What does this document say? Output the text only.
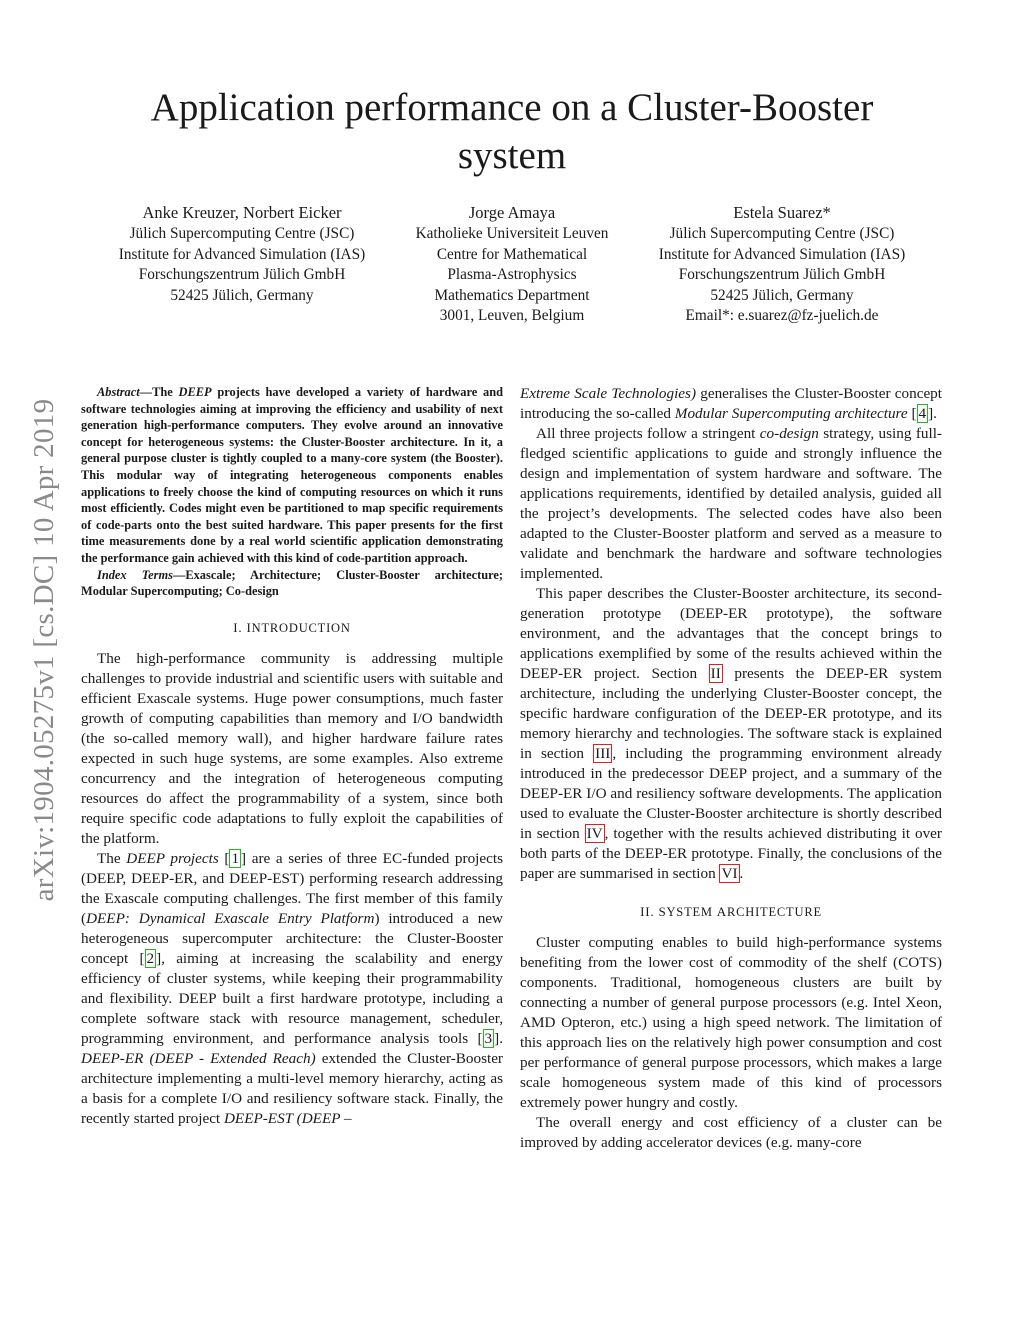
Application performance on a Cluster-Booster system
Anke Kreuzer, Norbert Eicker
Jülich Supercomputing Centre (JSC)
Institute for Advanced Simulation (IAS)
Forschungszentrum Jülich GmbH
52425 Jülich, Germany
Jorge Amaya
Katholieke Universiteit Leuven
Centre for Mathematical
Plasma-Astrophysics
Mathematics Department
3001, Leuven, Belgium
Estela Suarez*
Jülich Supercomputing Centre (JSC)
Institute for Advanced Simulation (IAS)
Forschungszentrum Jülich GmbH
52425 Jülich, Germany
Email*: e.suarez@fz-juelich.de
arXiv:1904.05275v1 [cs.DC] 10 Apr 2019

Abstract—The DEEP projects have developed a variety of hardware and software technologies aiming at improving the efficiency and usability of next generation high-performance computers. They evolve around an innovative concept for heterogeneous systems: the Cluster-Booster architecture. In it, a general purpose cluster is tightly coupled to a many-core system (the Booster). This modular way of integrating heterogeneous components enables applications to freely choose the kind of computing resources on which it runs most efficiently. Codes might even be partitioned to map specific requirements of code-parts onto the best suited hardware. This paper presents for the first time measurements done by a real world scientific application demonstrating the performance gain achieved with this kind of code-partition approach.

Index Terms—Exascale; Architecture; Cluster-Booster architecture; Modular Supercomputing; Co-design

I. INTRODUCTION

The high-performance community is addressing multiple challenges to provide industrial and scientific users with suitable and efficient Exascale systems. Huge power consumptions, much faster growth of computing capabilities than memory and I/O bandwidth (the so-called memory wall), and higher hardware failure rates expected in such huge systems, are some examples. Also extreme concurrency and the integration of heterogeneous computing resources do affect the programmability of a system, since both require specific code adaptations to fully exploit the capabilities of the platform.

The DEEP projects [ 1 ] are a series of three EC-funded projects (DEEP, DEEP-ER, and DEEP-EST) performing research addressing the Exascale computing challenges. The first member of this family (DEEP: Dynamical Exascale Entry Platform) introduced a new heterogeneous supercomputer architecture: the Cluster-Booster concept [ 2 ], aiming at increasing the scalability and energy efficiency of cluster systems, while keeping their programmability and flexibility. DEEP built a first hardware prototype, including a complete software stack with resource management, scheduler, programming environment, and performance analysis tools [ 3 ]. DEEP-ER (DEEP - Extended Reach) extended the Cluster-Booster architecture implementing a multi-level memory hierarchy, acting as a basis for a complete I/O and resiliency software stack. Finally, the recently started project DEEP-EST (DEEP –

Extreme Scale Technologies) generalises the Cluster-Booster concept introducing the so-called Modular Supercomputing architecture [ 4 ].

All three projects follow a stringent co-design strategy, using full-fledged scientific applications to guide and strongly influence the design and implementation of system hardware and software. The applications requirements, identified by detailed analysis, guided all the project’s developments. The selected codes have also been adapted to the Cluster-Booster platform and served as a measure to validate and benchmark the hardware and software technologies implemented.

This paper describes the Cluster-Booster architecture, its second-generation prototype (DEEP-ER prototype), the software environment, and the advantages that the concept brings to applications exemplified by some of the results achieved within the DEEP-ER project. Section II presents the DEEP-ER system architecture, including the underlying Cluster-Booster concept, the specific hardware configuration of the DEEP-ER prototype, and its memory hierarchy and technologies. The software stack is explained in section III , including the programming environment already introduced in the predecessor DEEP project, and a summary of the DEEP-ER I/O and resiliency software developments. The application used to evaluate the Cluster-Booster architecture is shortly described in section IV , together with the results achieved distributing it over both parts of the DEEP-ER prototype. Finally, the conclusions of the paper are summarised in section VI .

II. SYSTEM ARCHITECTURE

Cluster computing enables to build high-performance systems benefiting from the lower cost of commodity of the shelf (COTS) components. Traditional, homogeneous clusters are built by connecting a number of general purpose processors (e.g. Intel Xeon, AMD Opteron, etc.) using a high speed network. The limitation of this approach lies on the relatively high power consumption and cost per performance of general purpose processors, which makes a large scale homogeneous system made of this kind of processors extremely power hungry and costly.

The overall energy and cost efficiency of a cluster can be improved by adding accelerator devices (e.g. many-core
